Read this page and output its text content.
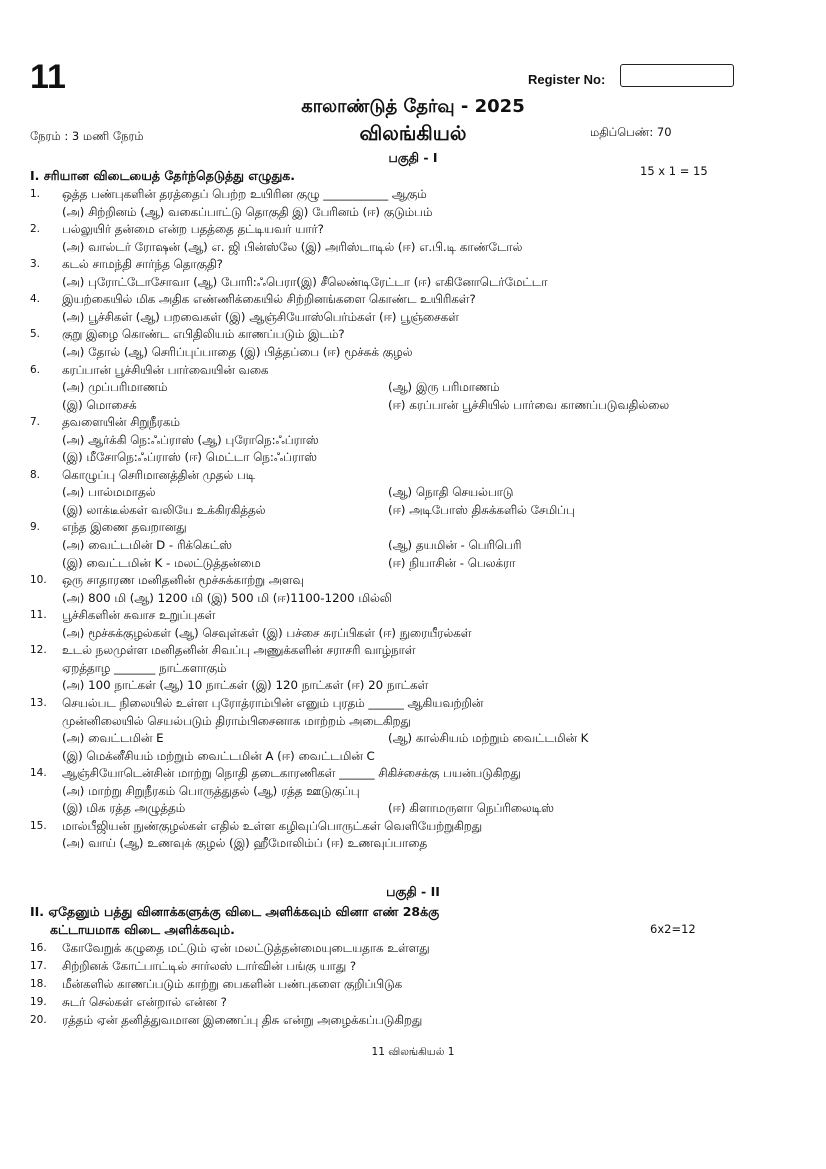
11	Register No:
காலாண்டுத் தேர்வு - 2025
நேரம் : 3 மணி நேரம்	விலங்கியல்	மதிப்பெண்: 70
பகுதி - I
I. சரியான விடையைத் தேர்ந்தெடுத்து எழுதுக.	15 x 1 = 15
1. ஒத்த பண்புகளின் தரத்தைப் பெற்ற உயிரின குழு ___________ ஆகும்
(அ) சிற்றினம் (ஆ) வகைப்பாட்டு தொகுதி இ) பேரினம் (ஈ) குடும்பம்
2. பல்லுயிர் தன்மை என்ற பதத்தை தட்டியவர் யார்?
(அ) வால்டர் ரோஷன் (ஆ) எ. ஜி பின்ஸ்லே (இ) அரிஸ்டாடில் (ஈ) எ.பி.டி காண்டோல்
3. கடல் சாமந்தி சார்ந்த தொகுதி?
(அ) புரோட்டோசோவா (ஆ) போரி:ஃபெரா(இ) சீலெண்டிரேட்டா (ஈ) எகினோடெர்மேட்டா
4. இயற்கையில் மிக அதிக எண்ணிக்கையில் சிற்றினங்களை கொண்ட உயிரிகள்?
(அ) பூச்சிகள் (ஆ) பறவைகள் (இ) ஆஞ்சியோஸ்பெர்ம்கள் (ஈ) பூஞ்சைகள்
5. குறு இழை கொண்ட எபிதிலியம் காணப்படும் இடம்?
(அ) தோல் (ஆ) செரிப்புப்பாதை (இ) பித்தப்பை (ஈ) மூச்சுக் குழல்
6. கரப்பான் பூச்சியின் பார்வையின் வகை
(அ) முப்பரிமாணம்	(ஆ) இரு பரிமாணம்
(இ) மொசைக்	(ஈ) கரப்பான் பூச்சியில் பார்வை காணப்படுவதில்லை
7. தவளையின் சிறுநீரகம்
(அ) ஆர்க்கி நெ:ஃப்ராஸ் (ஆ) புரோநெ:ஃப்ராஸ்
(இ) மீசோநெ:ஃப்ராஸ் (ஈ) மெட்டா நெ:ஃப்ராஸ்
8. கொழுப்பு செரிமானத்தின் முதல் படி
(அ) பால்மமாதல்	(ஆ) நொதி செயல்பாடு
(இ) லாக்டீல்கள் வலியே உக்கிரகித்தல்	(ஈ) அடிபோஸ் திசுக்களில் சேமிப்பு
9. எந்த இணை தவறானது
(அ) வைட்டமின் D - ரிக்கெட்ஸ்	(ஆ) தயமின் - பெரிபெரி
(இ) வைட்டமின் K - மலட்டுத்தன்மை	(ஈ) நியாசின் - பெலக்ரா
10. ஒரு சாதாரண மனிதனின் மூச்சுக்காற்று அளவு
(அ) 800 மி (ஆ) 1200 மி (இ) 500 மி (ஈ)1100-1200 மில்லி
11. பூச்சிகளின் சுவாச உறுப்புகள்
(அ) மூச்சுக்குழல்கள் (ஆ) செவுள்கள் (இ) பச்சை சுரப்பிகள் (ஈ) நுரையீரல்கள்
12. உடல் நலமுள்ள மனிதனின் சிவப்பு அணுக்களின் சராசரி வாழ்நாள்
ஏறத்தாழ _______ நாட்களாகும்
(அ) 100 நாட்கள் (ஆ) 10 நாட்கள் (இ) 120 நாட்கள் (ஈ) 20 நாட்கள்
13. செயல்பட நிலையில் உள்ள புரோத்ராம்பின் எனும் புரதம் ______ ஆகியவற்றின்
முன்னிலையில் செயல்படும் திராம்பிசைனாக மாற்றம் அடைகிறது
(அ) வைட்டமின் E	(ஆ) கால்சியம் மற்றும் வைட்டமின் K
(இ) மெக்னீசியம் மற்றும் வைட்டமின் A (ஈ) வைட்டமின் C
14. ஆஞ்சியோடென்சின் மாற்று நொதி தடைகாரணிகள் ______ சிகிச்சைக்கு பயன்படுகிறது
(அ) மாற்று சிறுநீரகம் பொருத்துதல் (ஆ) ரத்த ஊடுகுப்பு
(இ) மிக ரத்த அழுத்தம்	(ஈ) கிளாமருளா நெப்ரிலைடிஸ்
15. மால்பீஜியன் நுண்குழல்கள் எதில் உள்ள கழிவுப்பொருட்கள் வெளியேற்றுகிறது
(அ) வாய் (ஆ) உணவுக் குழல் (இ) ஹீமோலிம்ப் (ஈ) உணவுப்பாதை
பகுதி - II
II. ஏதேனும் பத்து வினாக்களுக்கு விடை அளிக்கவும் வினா எண் 28க்கு
கட்டாயமாக விடை அளிக்கவும்.	6x2=12
16. கோவேறுக் கழுதை மட்டும் ஏன் மலட்டுத்தன்மையுடையதாக உள்ளது
17. சிற்றினக் கோட்பாட்டில் சார்லஸ் டார்வின் பங்கு யாது ?
18. மீன்களில் காணப்படும் காற்று பைகளின் பண்புகளை குறிப்பிடுக
19. சுடர் செல்கள் என்றால் என்ன ?
20. ரத்தம் ஏன் தனித்துவமான இணைப்பு திசு என்று அழைக்கப்படுகிறது
11 விலங்கியல் 1
